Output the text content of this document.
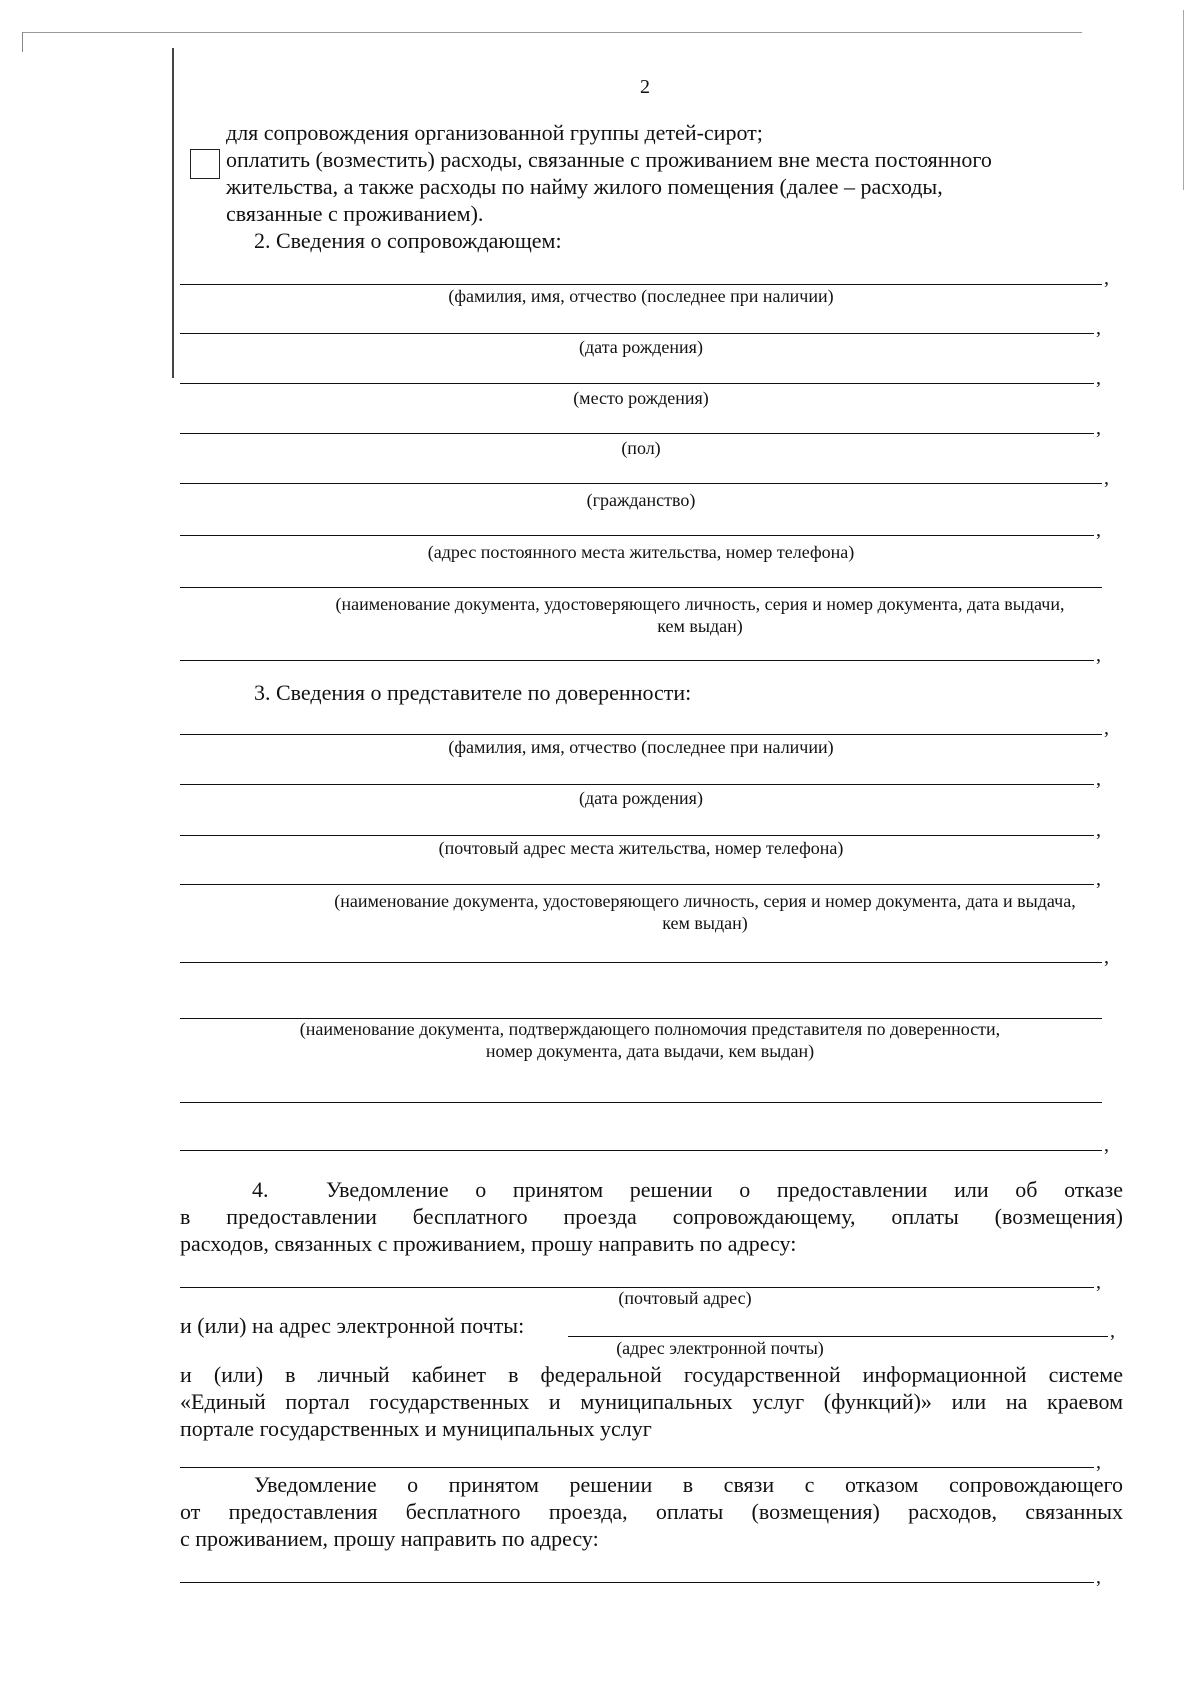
2
для сопровождения организованной группы детей-сирот;
оплатить (возместить) расходы, связанные с проживанием вне места постоянного
жительства, а также расходы по найму жилого помещения (далее – расходы,
связанные с проживанием).
2. Сведения о сопровождающем:
,
(фамилия, имя, отчество (последнее при наличии)
,
(дата рождения)
,
(место рождения)
,
(пол)
,
(гражданство)
,
(адрес постоянного места жительства, номер телефона)
(наименование документа, удостоверяющего личность, серия и номер документа, дата выдачи,
кем выдан)
,
3. Сведения о представителе по доверенности:
,
(фамилия, имя, отчество (последнее при наличии)
,
(дата рождения)
,
(почтовый адрес места жительства, номер телефона)
,
(наименование документа, удостоверяющего личность, серия и номер документа, дата и выдача,
кем выдан)
,
(наименование документа, подтверждающего полномочия представителя по доверенности,
номер документа, дата выдачи, кем выдан)
,
4.	Уведомление о принятом решении о предоставлении или об отказе
в предоставлении бесплатного проезда сопровождающему, оплаты (возмещения)
расходов, связанных с проживанием, прошу направить по адресу:
,
(почтовый адрес)
и (или) на адрес электронной почты:	,
(адрес электронной почты)
и (или) в личный кабинет в федеральной государственной информационной системе
«Единый портал государственных и муниципальных услуг (функций)» или на краевом
портале государственных и муниципальных услуг
,
Уведомление о принятом решении в связи с отказом сопровождающего
от предоставления бесплатного проезда, оплаты (возмещения) расходов, связанных
с проживанием, прошу направить по адресу:
,
